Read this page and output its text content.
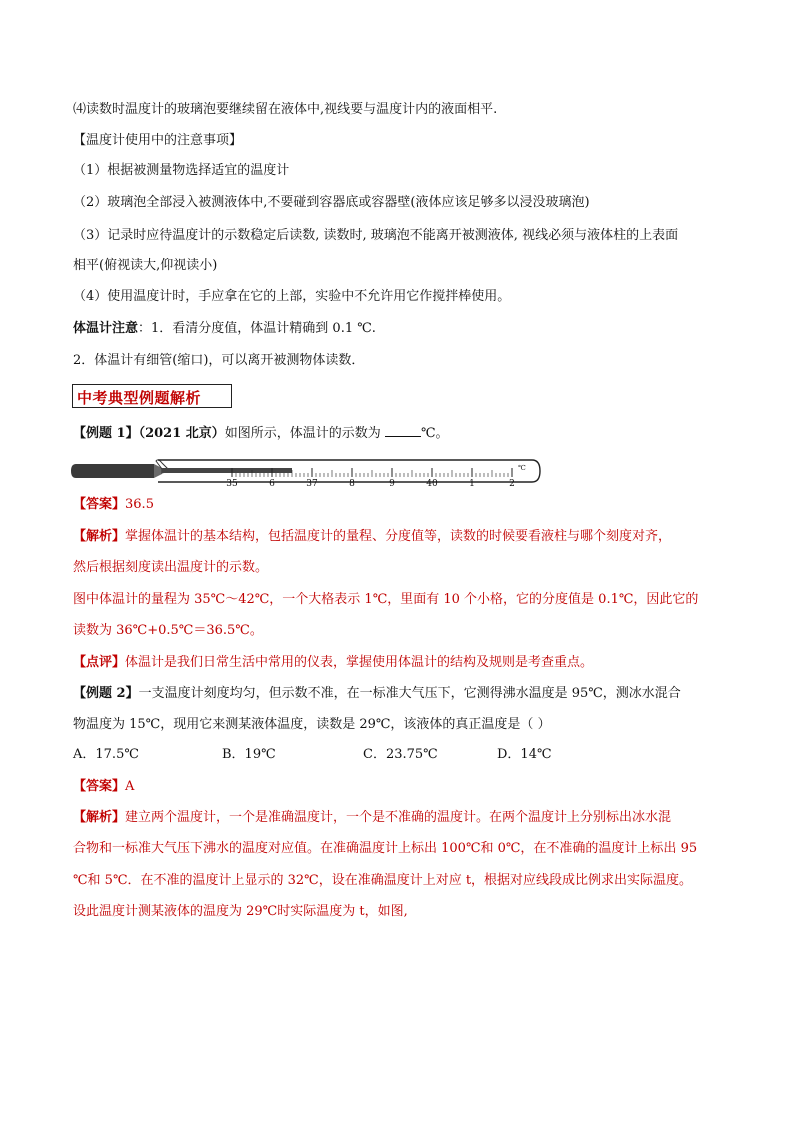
⑷读数时温度计的玻璃泡要继续留在液体中,视线要与温度计内的液面相平.
【温度计使用中的注意事项】
（1）根据被测量物选择适宜的温度计
（2）玻璃泡全部浸入被测液体中,不要碰到容器底或容器壁(液体应该足够多以浸没玻璃泡)
（3）记录时应待温度计的示数稳定后读数, 读数时, 玻璃泡不能离开被测液体, 视线必须与液体柱的上表面
相平(俯视读大,仰视读小)
（4）使用温度计时，手应拿在它的上部，实验中不允许用它作搅拌棒使用。
体温计注意：1．看清分度值，体温计精确到 0.1 ℃.
2．体温计有细管(缩口)，可以离开被测物体读数．
中考典型例题解析
【例题 1】（2021 北京）如图所示，体温计的示数为	℃。
35	6	37	8	9	40	1	2
℃
【答案】36.5
【解析】掌握体温计的基本结构，包括温度计的量程、分度值等，读数的时候要看液柱与哪个刻度对齐，
然后根据刻度读出温度计的示数。
图中体温计的量程为 35℃～42℃，一个大格表示 1℃，里面有 10 个小格，它的分度值是 0.1℃，因此它的
读数为 36℃+0.5℃＝36.5℃。
【点评】体温计是我们日常生活中常用的仪表，掌握使用体温计的结构及规则是考查重点。
【例题 2】一支温度计刻度均匀，但示数不准，在一标准大气压下，它测得沸水温度是 95℃，测冰水混合
物温度为 15℃，现用它来测某液体温度，读数是 29℃，该液体的真正温度是（ ）
A．17.5℃	B．19℃	C．23.75℃	D．14℃
【答案】A
【解析】建立两个温度计，一个是准确温度计，一个是不准确的温度计。在两个温度计上分别标出冰水混
合物和一标准大气压下沸水的温度对应值。在准确温度计上标出 100℃和 0℃，在不准确的温度计上标出 95
℃和 5℃．在不准的温度计上显示的 32℃，设在准确温度计上对应 t，根据对应线段成比例求出实际温度。
设此温度计测某液体的温度为 29℃时实际温度为 t，如图,
